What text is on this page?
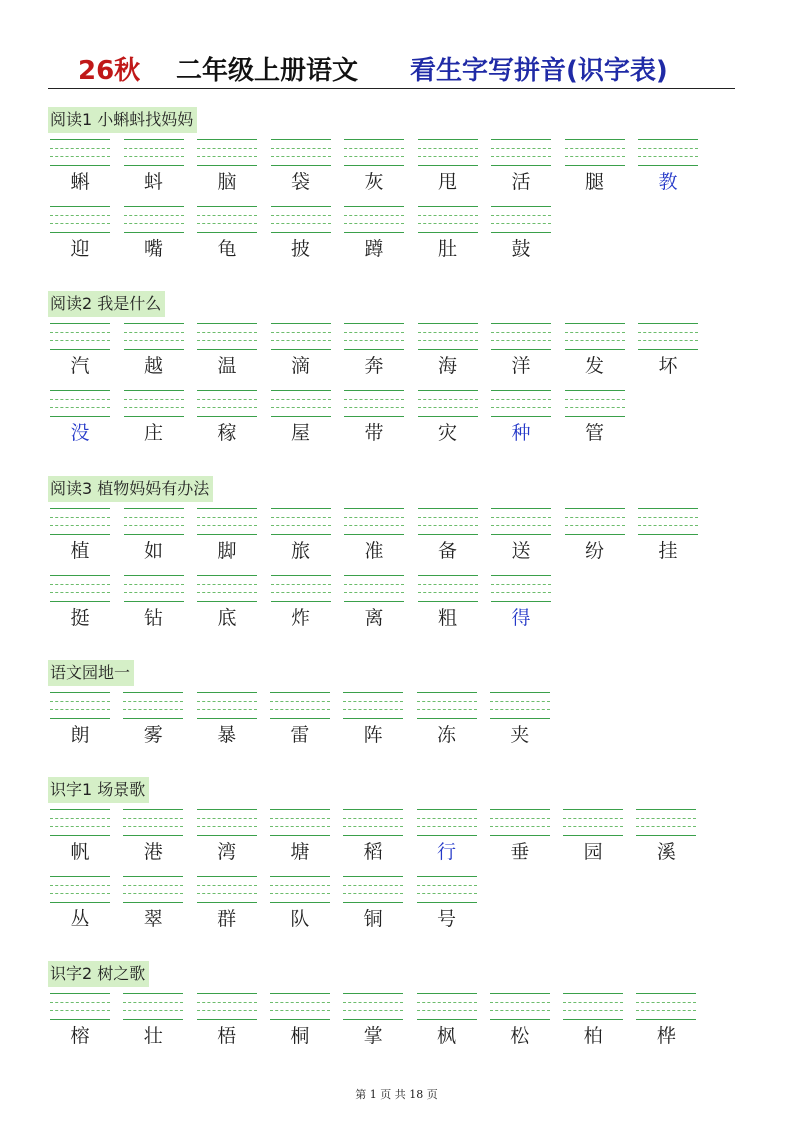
26秋 二年级上册语文 看生字写拼音(识字表)
阅读1 小蝌蚪找妈妈
蝌	蚪	脑	袋	灰	甩	活	腿	教
迎	嘴	龟	披	蹲	肚	鼓
阅读2 我是什么
汽	越	温	滴	奔	海	洋	发	坏
没	庄	稼	屋	带	灾	种	管
阅读3 植物妈妈有办法
植	如	脚	旅	准	备	送	纷	挂
挺	钻	底	炸	离	粗	得
语文园地一
朗	雾	暴	雷	阵	冻	夹
识字1 场景歌
帆	港	湾	塘	稻	行	垂	园	溪
丛	翠	群	队	铜	号
识字2 树之歌
榕	壮	梧	桐	掌	枫	松	柏	桦
第 1 页 共 18 页
